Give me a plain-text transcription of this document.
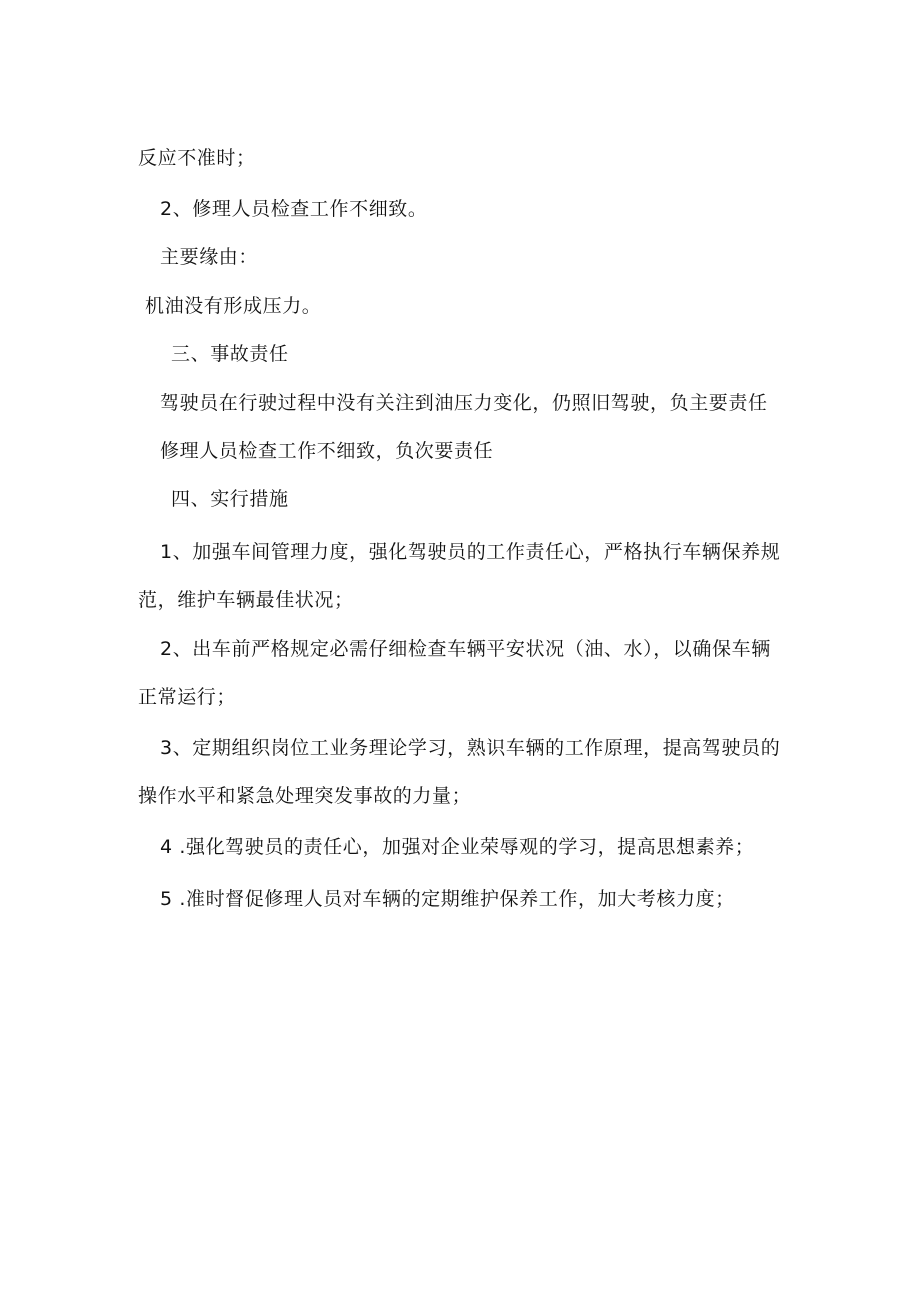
反应不准时；
2、修理人员检查工作不细致。
主要缘由：
机油没有形成压力。
三、事故责任
驾驶员在行驶过程中没有关注到油压力变化，仍照旧驾驶，负主要责任
修理人员检查工作不细致，负次要责任
四、实行措施
1、加强车间管理力度，强化驾驶员的工作责任心，严格执行车辆保养规
范，维护车辆最佳状况；
2、出车前严格规定必需仔细检查车辆平安状况（油、水），以确保车辆
正常运行；
3、定期组织岗位工业务理论学习，熟识车辆的工作原理，提高驾驶员的
操作水平和紧急处理突发事故的力量；
4 .强化驾驶员的责任心，加强对企业荣辱观的学习，提高思想素养；
5 .准时督促修理人员对车辆的定期维护保养工作，加大考核力度；
